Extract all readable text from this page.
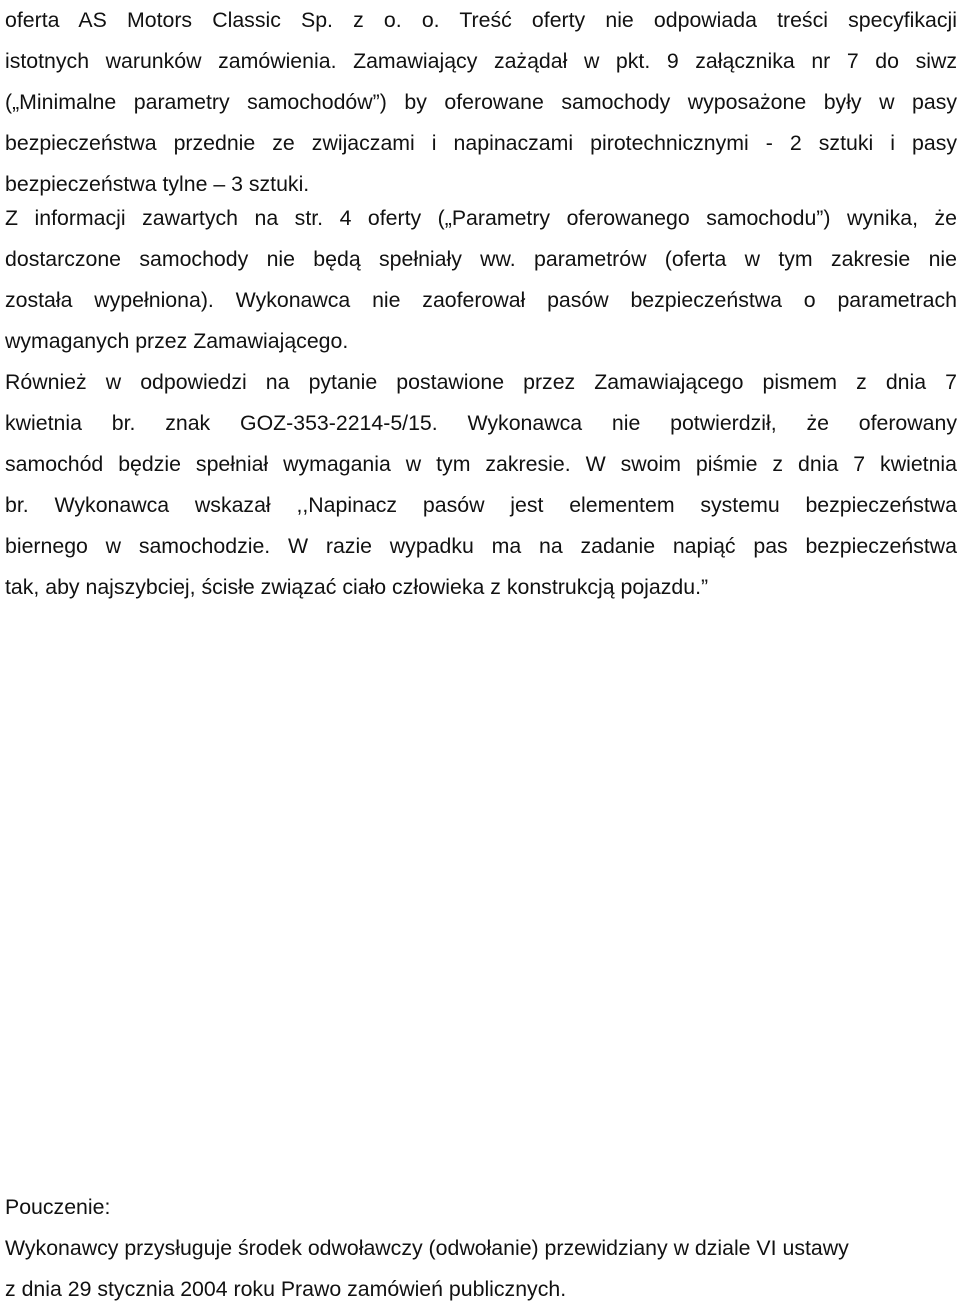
oferta AS Motors Classic Sp. z o. o. Treść oferty nie odpowiada treści specyfikacji
istotnych warunków zamówienia. Zamawiający zażądał w pkt. 9 załącznika nr 7 do siwz
(„Minimalne parametry samochodów”) by oferowane samochody wyposażone były w pasy
bezpieczeństwa przednie ze zwijaczami i napinaczami pirotechnicznymi - 2 sztuki i pasy
bezpieczeństwa tylne – 3 sztuki.
Z informacji zawartych na str. 4 oferty („Parametry oferowanego samochodu”) wynika, że
dostarczone samochody nie będą spełniały ww. parametrów (oferta w tym zakresie nie
została wypełniona). Wykonawca nie zaoferował pasów bezpieczeństwa o parametrach
wymaganych przez Zamawiającego.
Również w odpowiedzi na pytanie postawione przez Zamawiającego pismem z dnia 7
kwietnia br. znak GOZ-353-2214-5/15. Wykonawca nie potwierdził, że oferowany
samochód będzie spełniał wymagania w tym zakresie. W swoim piśmie z dnia 7 kwietnia
br. Wykonawca wskazał ,,Napinacz pasów jest elementem systemu bezpieczeństwa
biernego w samochodzie. W razie wypadku ma na zadanie napiąć pas bezpieczeństwa
tak, aby najszybciej, ścisłe związać ciało człowieka z konstrukcją pojazdu.”
Pouczenie:
Wykonawcy przysługuje środek odwoławczy (odwołanie) przewidziany w dziale VI ustawy
z dnia 29 stycznia 2004 roku Prawo zamówień publicznych.
